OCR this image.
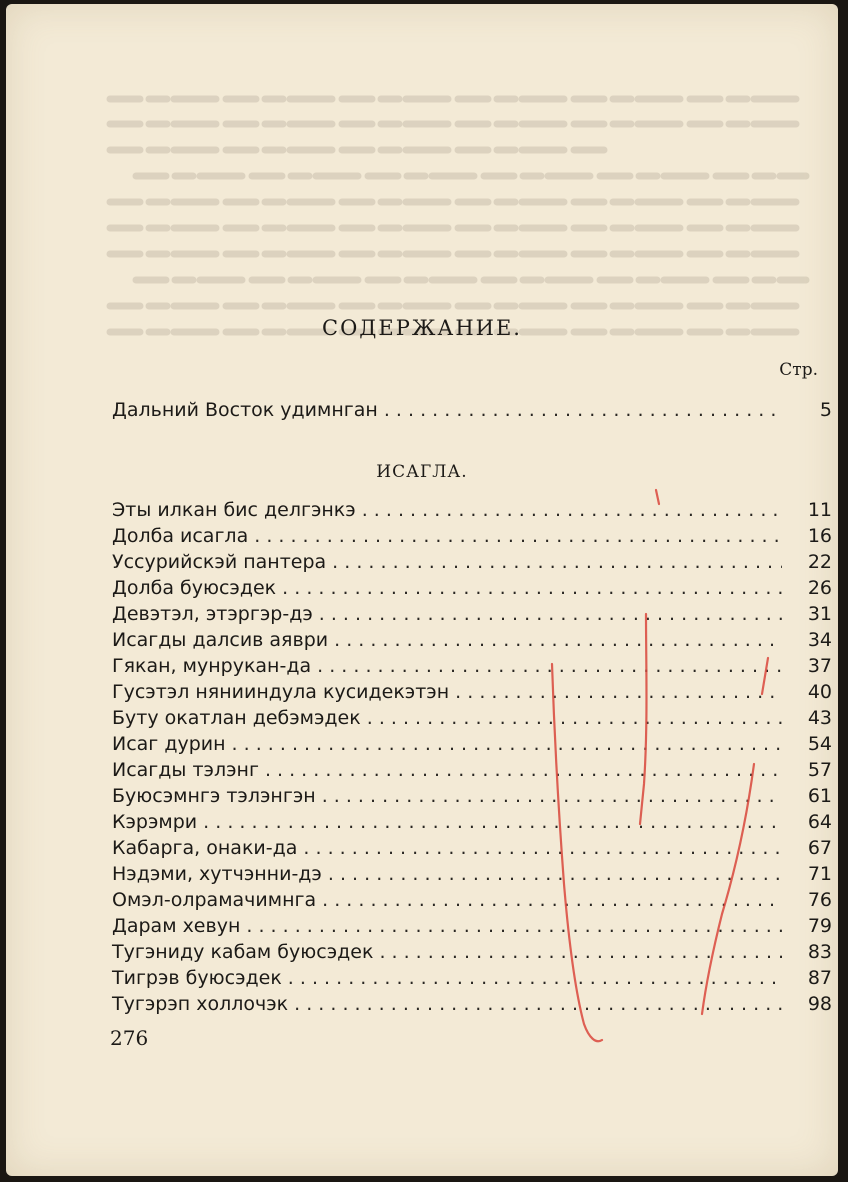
СОДЕРЖАНИЕ.
Стр.
Дальний Восток удимнган . . .	5
ИСАГЛА.
Эты илкан бис делгэнкэ . . .	11
Долба исагла . . .	16
Уссурийскэй пантера . . .	22
Долба буюсэдек . . .	26
Девэтэл, этэргэр-дэ . . .	31
Исагды далсив аяври . . .	34
Гякан, мунрукан-да . . .	37
Гусэтэл нянииндула кусидекэтэн . . .	40
Буту окатлан дебэмэдек . . .	43
Исаг дурин . . .	54
Исагды тэлэнг . . .	57
Буюсэмнгэ тэлэнгэн . . .	61
Кэрэмри . . .	64
Кабарга, онаки-да . . .	67
Нэдэми, хутчэнни-дэ . . .	71
Омэл-олрамачимнга . . .	76
Дарам хевун . . .	79
Тугэниду кабам буюсэдек . . .	83
Тигрэв буюсэдек . . .	87
Тугэрэп холлочэк . . .	98
276
